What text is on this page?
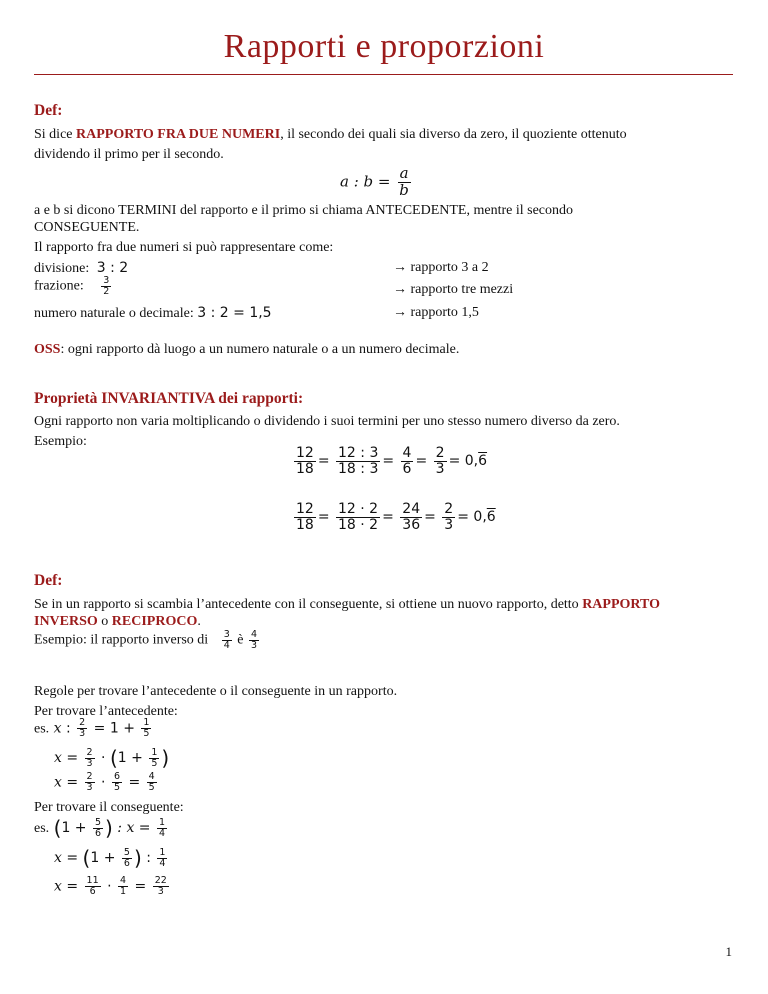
Rapporti e proporzioni
Def:
Si dice RAPPORTO FRA DUE NUMERI, il secondo dei quali sia diverso da zero, il quoziente ottenuto
dividendo il primo per il secondo.
a : $b = \frac{a}{b}$
a e b si dicono TERMINI del rapporto e il primo si chiama ANTECEDENTE, mentre il secondo
CONSEGUENTE.
Il rapporto fra due numeri si può rappresentare come:
divisione: 3 : 2	→ rapporto 3 a 2
frazione: $\frac{3}{2}$	→ rapporto tre mezzi
numero naturale o decimale: 3 : 2 = 1,5	→ rapporto 1,5
OSS: ogni rapporto dà luogo a un numero naturale o a un numero decimale.
Proprietà INVARIANTIVA dei rapporti:
Ogni rapporto non varia moltiplicando o dividendo i suoi termini per uno stesso numero diverso da zero.
Esempio:
$\frac{12}{18} = \frac{12 : 3}{18 : 3} = \frac{4}{6} = \frac{2}{3} = 0,6$
$\frac{12}{18} = \frac{12 \cdot 2}{18 \cdot 2} = \frac{24}{36} = \frac{2}{3} = 0,6$
Def:
Se in un rapporto si scambia l’antecedente con il conseguente, si ottiene un nuovo rapporto, detto RAPPORTO
INVERSO o RECIPROCO.
Esempio: il rapporto inverso di $\frac{3}{4}$ è $\frac{4}{3}$
Regole per trovare l’antecedente o il conseguente in un rapporto.
Per trovare l’antecedente:
es. x : $\frac{2}{3} = 1 + \frac{1}{5}$
$x = \frac{2}{3} \cdot (1 + \frac{1}{5}$ )
$x = \frac{2}{3} \cdot \frac{6}{5} = \frac{4}{5}$
Per trovare il conseguente:
es. ($1 + \frac{5}{6}$ ) : $x = \frac{1}{4}$
$x = (1 + \frac{5}{6}$ ) : $\frac{1}{4}$
$x = \frac{11}{6} \cdot \frac{4}{1} = \frac{22}{3}$
1
